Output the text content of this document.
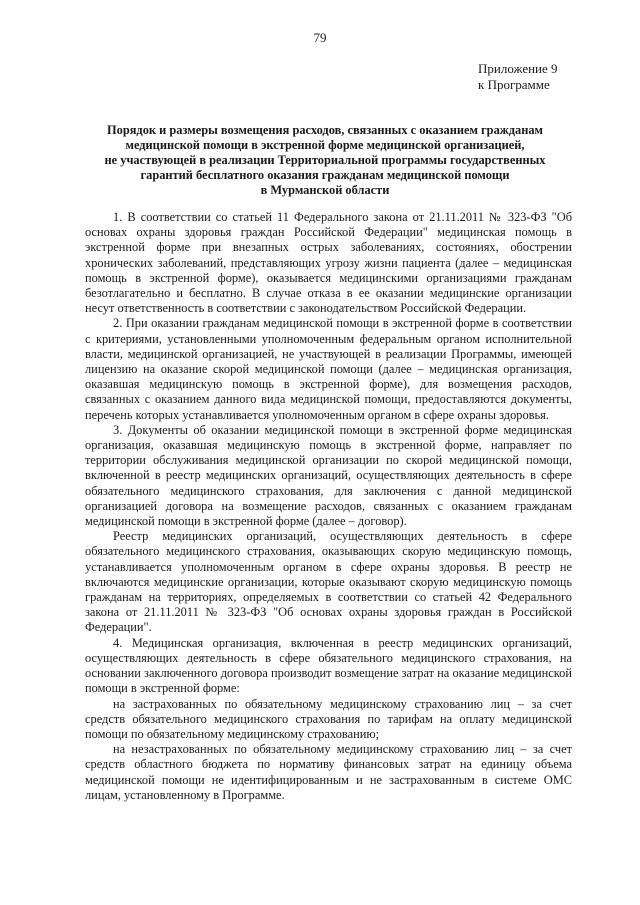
79
Приложение 9
к Программе
Порядок и размеры возмещения расходов, связанных с оказанием гражданам
медицинской помощи в экстренной форме медицинской организацией,
не участвующей в реализации Территориальной программы государственных
гарантий бесплатного оказания гражданам медицинской помощи
в Мурманской области

1. В соответствии со статьей 11 Федерального закона от 21.11.2011 № 323-ФЗ "Об основах охраны здоровья граждан Российской Федерации" медицинская помощь в экстренной форме при внезапных острых заболеваниях, состояниях, обострении хронических заболеваний, представляющих угрозу жизни пациента (далее – медицинская помощь в экстренной форме), оказывается медицинскими организациями гражданам безотлагательно и бесплатно. В случае отказа в ее оказании медицинские организации несут ответственность в соответствии с законодательством Российской Федерации.

2. При оказании гражданам медицинской помощи в экстренной форме в соответствии с критериями, установленными уполномоченным федеральным органом исполнительной власти, медицинской организацией, не участвующей в реализации Программы, имеющей лицензию на оказание скорой медицинской помощи (далее – медицинская организация, оказавшая медицинскую помощь в экстренной форме), для возмещения расходов, связанных с оказанием данного вида медицинской помощи, предоставляются документы, перечень которых устанавливается уполномоченным органом в сфере охраны здоровья.

3. Документы об оказании медицинской помощи в экстренной форме медицинская организация, оказавшая медицинскую помощь в экстренной форме, направляет по территории обслуживания медицинской организации по скорой медицинской помощи, включенной в реестр медицинских организаций, осуществляющих деятельность в сфере обязательного медицинского страхования, для заключения с данной медицинской организацией договора на возмещение расходов, связанных с оказанием гражданам медицинской помощи в экстренной форме (далее – договор).

Реестр медицинских организаций, осуществляющих деятельность в сфере обязательного медицинского страхования, оказывающих скорую медицинскую помощь, устанавливается уполномоченным органом в сфере охраны здоровья. В реестр не включаются медицинские организации, которые оказывают скорую медицинскую помощь гражданам на территориях, определяемых в соответствии со статьей 42 Федерального закона от 21.11.2011 № 323-ФЗ "Об основах охраны здоровья граждан в Российской Федерации".

4. Медицинская организация, включенная в реестр медицинских организаций, осуществляющих деятельность в сфере обязательного медицинского страхования, на основании заключенного договора производит возмещение затрат на оказание медицинской помощи в экстренной форме:

на застрахованных по обязательному медицинскому страхованию лиц – за счет средств обязательного медицинского страхования по тарифам на оплату медицинской помощи по обязательному медицинскому страхованию;

на незастрахованных по обязательному медицинскому страхованию лиц – за счет средств областного бюджета по нормативу финансовых затрат на единицу объема медицинской помощи не идентифицированным и не застрахованным в системе ОМС лицам, установленному в Программе.
